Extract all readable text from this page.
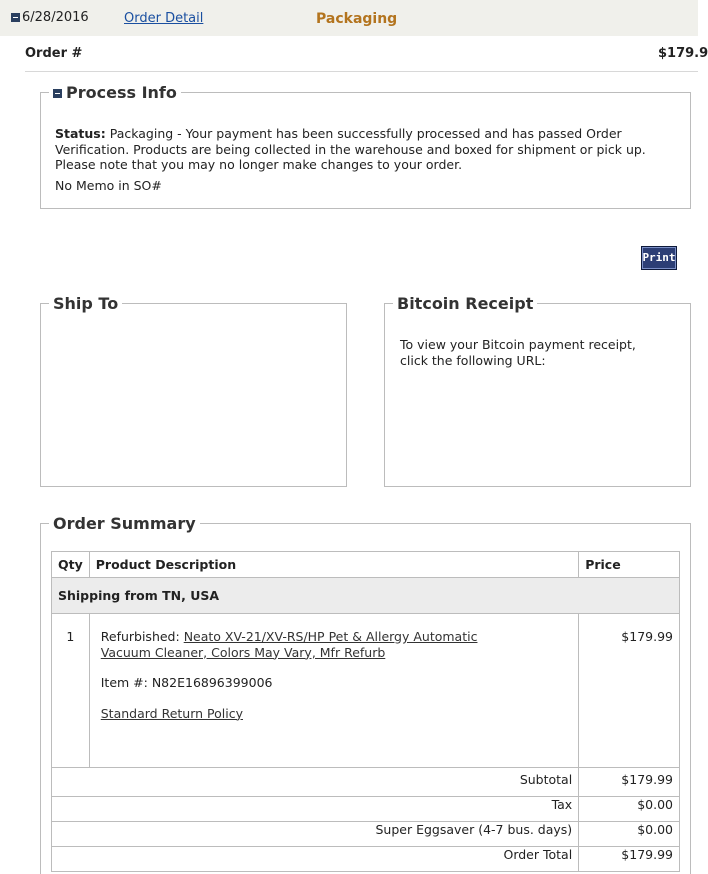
6/28/2016	Order Detail	Packaging
Order #	$179.9
Process Info
Status: Packaging - Your payment has been successfully processed and has passed Order Verification. Products are being collected in the warehouse and boxed for shipment or pick up. Please note that you may no longer make changes to your order.
No Memo in SO#
Print
Ship To	Bitcoin Receipt
To view your Bitcoin payment receipt, click the following URL:
Order Summary
Qty	Product Description	Price
Shipping from TN, USA		
1	Refurbished: Neato XV-21/XV-RS/HP Pet & Allergy Automatic Vacuum Cleaner, Colors May Vary, Mfr Refurb
Item #: N82E16896399006
Standard Return Policy	$179.99
Subtotal		$179.99
Tax		$0.00
Super Eggsaver (4-7 bus. days)		$0.00
Order Total		$179.99
